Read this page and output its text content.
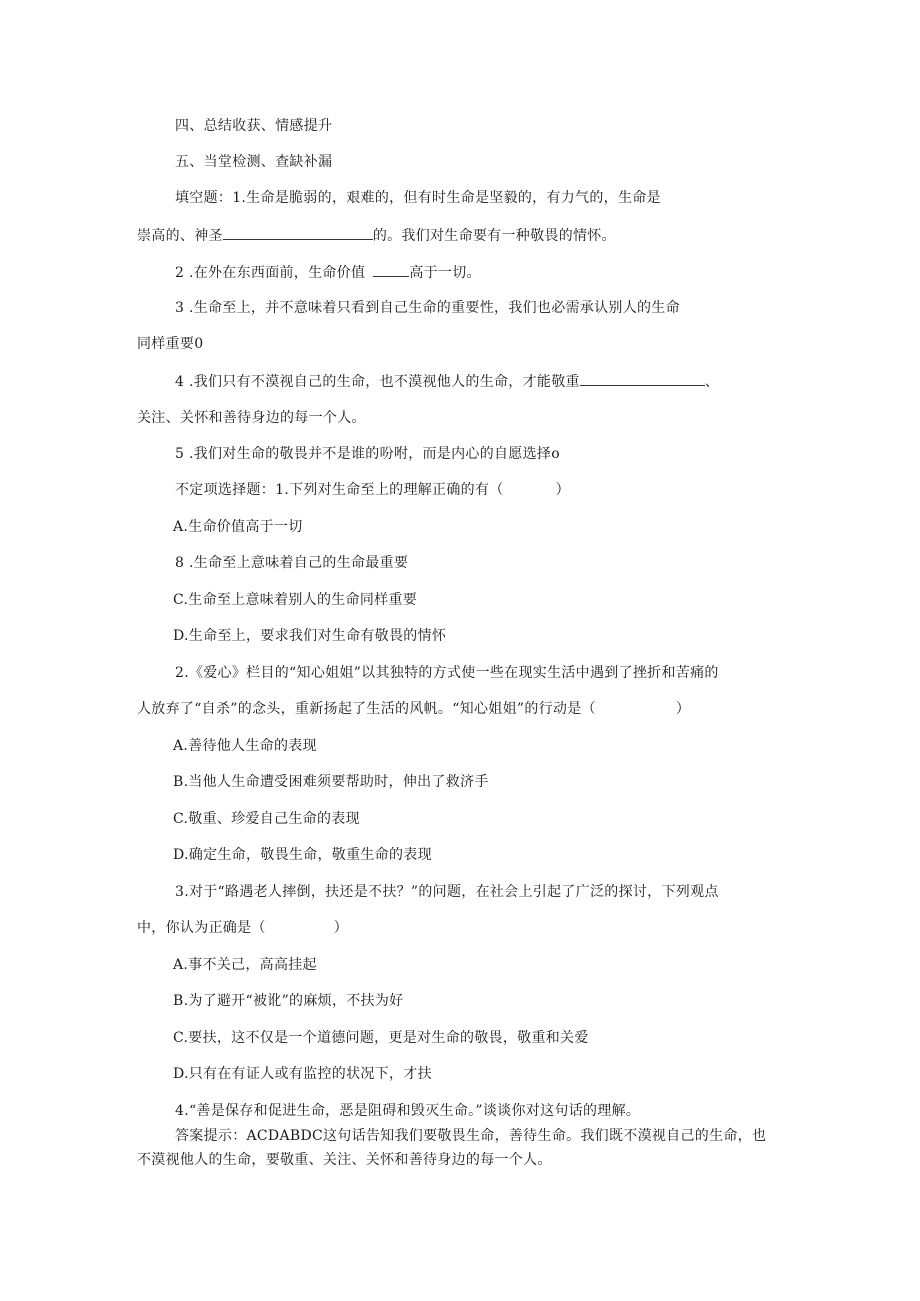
四、总结收获、情感提升
五、当堂检测、查缺补漏
填空题：1.生命是脆弱的，艰难的，但有时生命是坚毅的，有力气的，生命是
崇高的、神圣	的。我们对生命要有一种敬畏的情怀。
2 .在外在东西面前，生命价值	高于一切。
3 .生命至上，并不意味着只看到自己生命的重要性，我们也必需承认别人的生命
同样重要0
4 .我们只有不漠视自己的生命，也不漠视他人的生命，才能敬重	、
关注、关怀和善待身边的每一个人。
5 .我们对生命的敬畏并不是谁的吩咐，而是内心的自愿选择o
不定项选择题：1.下列对生命至上的理解正确的有（	）
A.生命价值高于一切
8 .生命至上意味着自己的生命最重要
C.生命至上意味着别人的生命同样重要
D.生命至上，要求我们对生命有敬畏的情怀
2.《爱心》栏目的“知心姐姐”以其独特的方式使一些在现实生活中遇到了挫折和苦痛的
人放弃了“自杀”的念头，重新扬起了生活的风帆。“知心姐姐”的行动是（	）
A.善待他人生命的表现
B.当他人生命遭受困难须要帮助时，伸出了救济手
C.敬重、珍爱自己生命的表现
D.确定生命，敬畏生命，敬重生命的表现
3.对于“路遇老人摔倒，扶还是不扶？”的问题，在社会上引起了广泛的探讨，下列观点
中，你认为正确是（	）
A.事不关己，高高挂起
B.为了避开“被讹”的麻烦，不扶为好
C.要扶，这不仅是一个道德问题，更是对生命的敬畏，敬重和关爱
D.只有在有证人或有监控的状况下，才扶
4.“善是保存和促进生命，恶是阻碍和毁灭生命。”谈谈你对这句话的理解。
答案提示：ACDABDC这句话告知我们要敬畏生命，善待生命。我们既不漠视自己的生命，也
不漠视他人的生命，要敬重、关注、关怀和善待身边的每一个人。
